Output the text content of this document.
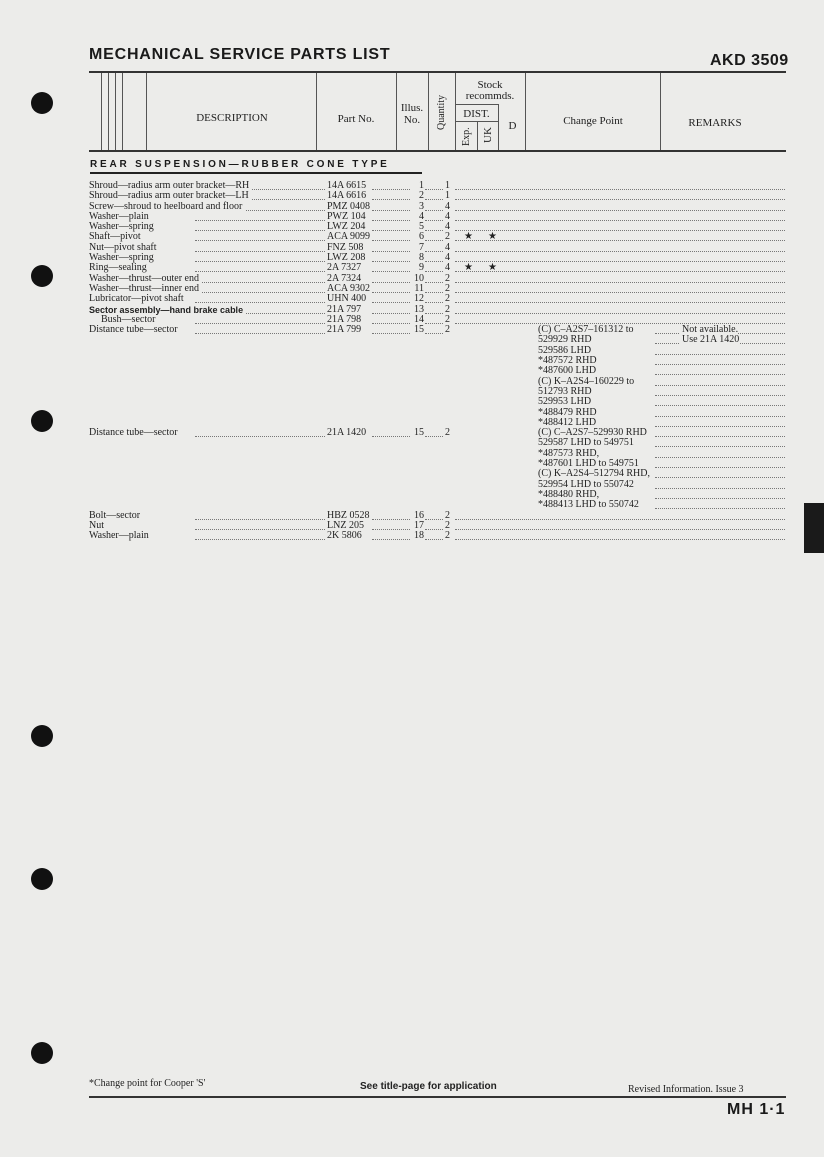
MECHANICAL SERVICE PARTS LIST	AKD 3509
DESCRIPTION	Part No.
Illus.
No.	Quantity
Stock
recommds.
DIST.
Exp. UK
D	Change Point	REMARKS
REAR SUSPENSION—RUBBER CONE TYPE
Shroud—radius arm outer bracket—RH	14A 6615	1 1
Shroud—radius arm outer bracket—LH	14A 6616	2 1
Screw—shroud to heelboard and floor	PMZ 0408	3 4
Washer—plain	PWZ 104	4 4
Washer—spring	LWZ 204	5 4
Shaft—pivot	ACA 9099	6 2	★ ★
Nut—pivot shaft	FNZ 508	7 4
Washer—spring	LWZ 208	8 4
Ring—sealing	2A 7327	9 4	★ ★
Washer—thrust—outer end	2A 7324	10 2
Washer—thrust—inner end	ACA 9302	11 2
Lubricator—pivot shaft	UHN 400	12 2
Sector assembly—hand brake cable	21A 797	13 2
Bush—sector	21A 798	14 2
Distance tube—sector	21A 799	15 2	(C) C–A2S7–161312 to	Not available.
529929 RHD	Use 21A 1420
529586 LHD
*487572 RHD
*487600 LHD
(C) K–A2S4–160229 to
512793 RHD
529953 LHD
*488479 RHD
*488412 LHD
Distance tube—sector	21A 1420	15 2	(C) C–A2S7–529930 RHD
529587 LHD to 549751
*487573 RHD,
*487601 LHD to 549751
(C) K–A2S4–512794 RHD,
529954 LHD to 550742
*488480 RHD,
*488413 LHD to 550742
Bolt—sector	HBZ 0528	16 2
Nut	LNZ 205	17 2
Washer—plain	2K 5806	18 2
*Change point for Cooper 'S'	See title-page for application	Revised Information. Issue 3
MH 1·1
